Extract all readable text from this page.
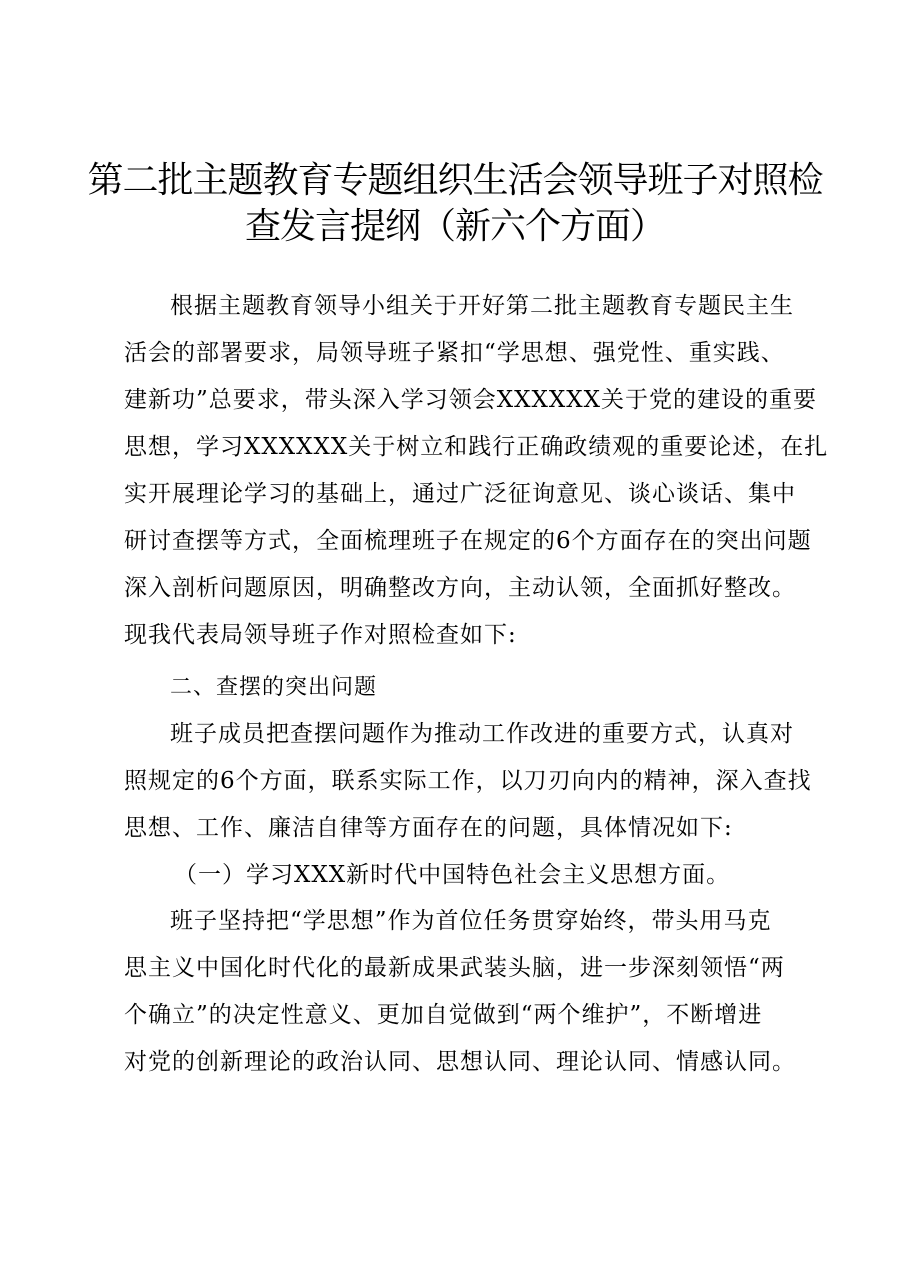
第二批主题教育专题组织生活会领导班子对照检
查发言提纲（新六个方面）
根据主题教育领导小组关于开好第二批主题教育专题民主生
活会的部署要求，局领导班子紧扣“学思想、强党性、重实践、
建新功”总要求，带头深入学习领会XXXXXX关于党的建设的重要
思想，学习XXXXXX关于树立和践行正确政绩观的重要论述，在扎
实开展理论学习的基础上，通过广泛征询意见、谈心谈话、集中
研讨查摆等方式，全面梳理班子在规定的6个方面存在的突出问题
深入剖析问题原因，明确整改方向，主动认领，全面抓好整改。
现我代表局领导班子作对照检查如下:
二、查摆的突出问题
班子成员把查摆问题作为推动工作改进的重要方式，认真对
照规定的6个方面，联系实际工作，以刀刃向内的精神，深入查找
思想、工作、廉洁自律等方面存在的问题，具体情况如下:
（一）学习XXX新时代中国特色社会主义思想方面。
班子坚持把“学思想”作为首位任务贯穿始终，带头用马克
思主义中国化时代化的最新成果武装头脑，进一步深刻领悟“两
个确立”的决定性意义、更加自觉做到“两个维护”，不断增进
对党的创新理论的政治认同、思想认同、理论认同、情感认同。
